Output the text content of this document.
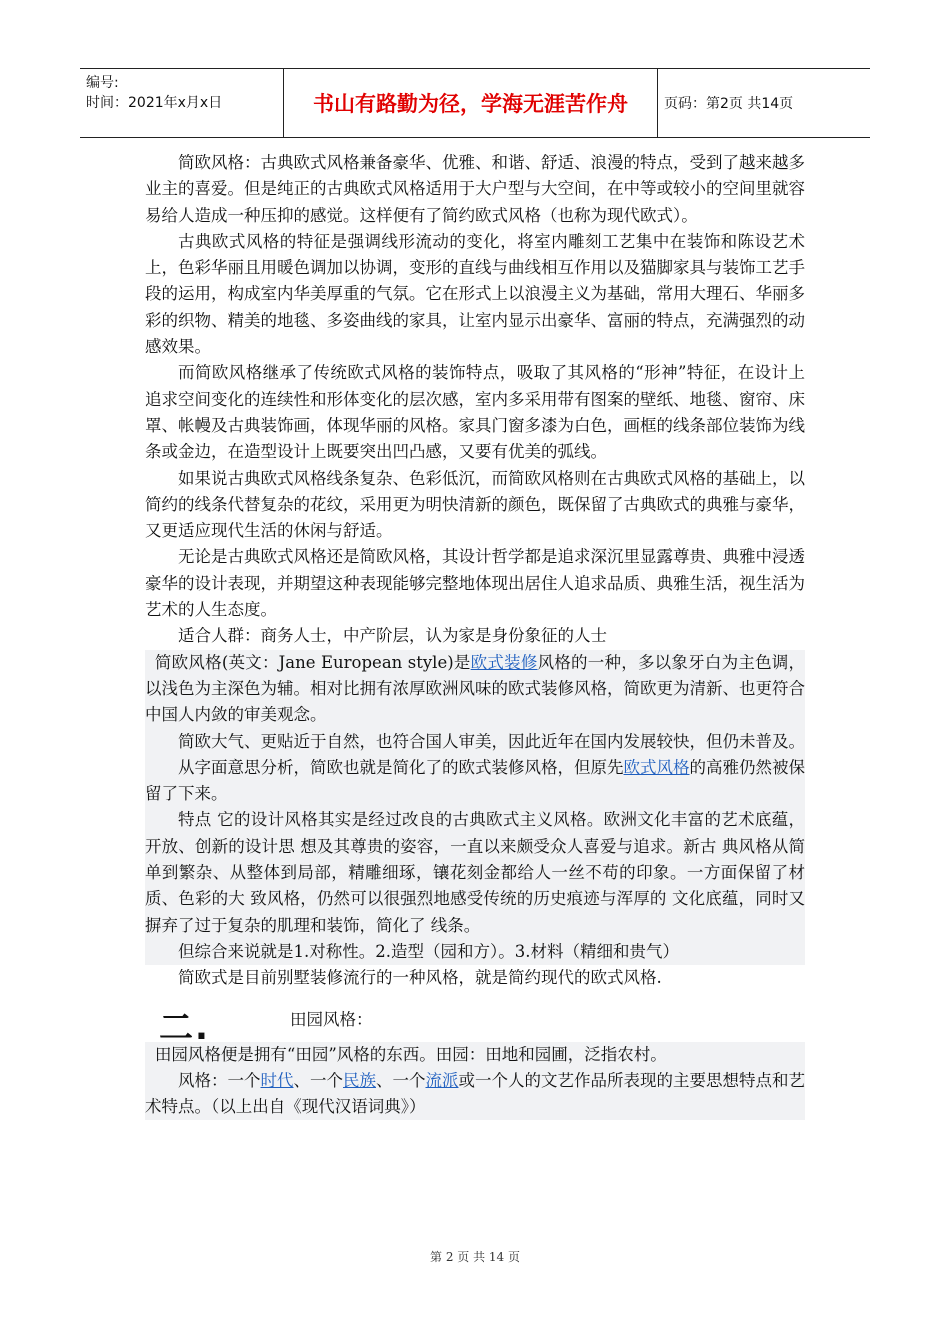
编号:
时间：2021年x月x日	书山有路勤为径，学海无涯苦作舟	页码：第2页 共14页

简欧风格：古典欧式风格兼备豪华、优雅、和谐、舒适、浪漫的特点，受到了越来越多业主的喜爱。但是纯正的古典欧式风格适用于大户型与大空间，在中等或较小的空间里就容易给人造成一种压抑的感觉。这样便有了简约欧式风格（也称为现代欧式）。

古典欧式风格的特征是强调线形流动的变化，将室内雕刻工艺集中在装饰和陈设艺术上，色彩华丽且用暖色调加以协调，变形的直线与曲线相互作用以及猫脚家具与装饰工艺手段的运用，构成室内华美厚重的气氛。它在形式上以浪漫主义为基础，常用大理石、华丽多彩的织物、精美的地毯、多姿曲线的家具，让室内显示出豪华、富丽的特点，充满强烈的动感效果。

而简欧风格继承了传统欧式风格的装饰特点，吸取了其风格的“形神”特征，在设计上追求空间变化的连续性和形体变化的层次感，室内多采用带有图案的壁纸、地毯、窗帘、床罩、帐幔及古典装饰画，体现华丽的风格。家具门窗多漆为白色，画框的线条部位装饰为线条或金边，在造型设计上既要突出凹凸感，又要有优美的弧线。

如果说古典欧式风格线条复杂、色彩低沉，而简欧风格则在古典欧式风格的基础上，以简约的线条代替复杂的花纹，采用更为明快清新的颜色，既保留了古典欧式的典雅与豪华，又更适应现代生活的休闲与舒适。

无论是古典欧式风格还是简欧风格，其设计哲学都是追求深沉里显露尊贵、典雅中浸透豪华的设计表现，并期望这种表现能够完整地体现出居住人追求品质、典雅生活，视生活为艺术的人生态度。

适合人群：商务人士，中产阶层，认为家是身份象征的人士

简欧风格(英文：Jane European style)是欧式装修风格的一种，多以象牙白为主色调，以浅色为主深色为辅。相对比拥有浓厚欧洲风味的欧式装修风格，简欧更为清新、也更符合中国人内敛的审美观念。

简欧大气、更贴近于自然，也符合国人审美，因此近年在国内发展较快，但仍未普及。

从字面意思分析，简欧也就是简化了的欧式装修风格，但原先欧式风格的高雅仍然被保留了下来。

特点 它的设计风格其实是经过改良的古典欧式主义风格。欧洲文化丰富的艺术底蕴，开放、创新的设计思 想及其尊贵的姿容，一直以来颇受众人喜爱与追求。新古 典风格从简单到繁杂、从整体到局部，精雕细琢，镶花刻金都给人一丝不苟的印象。一方面保留了材质、色彩的大 致风格，仍然可以很强烈地感受传统的历史痕迹与浑厚的 文化底蕴，同时又摒弃了过于复杂的肌理和装饰，简化了 线条。

但综合来说就是1.对称性。2.造型（园和方）。3.材料（精细和贵气）

简欧式是目前别墅装修流行的一种风格，就是简约现代的欧式风格.

二.	田园风格：

田园风格便是拥有“田园”风格的东西。田园：田地和园圃，泛指农村。

风格：一个时代、一个民族、一个流派或一个人的文艺作品所表现的主要思想特点和艺术特点。（以上出自《现代汉语词典》）

第 2 页 共 14 页
